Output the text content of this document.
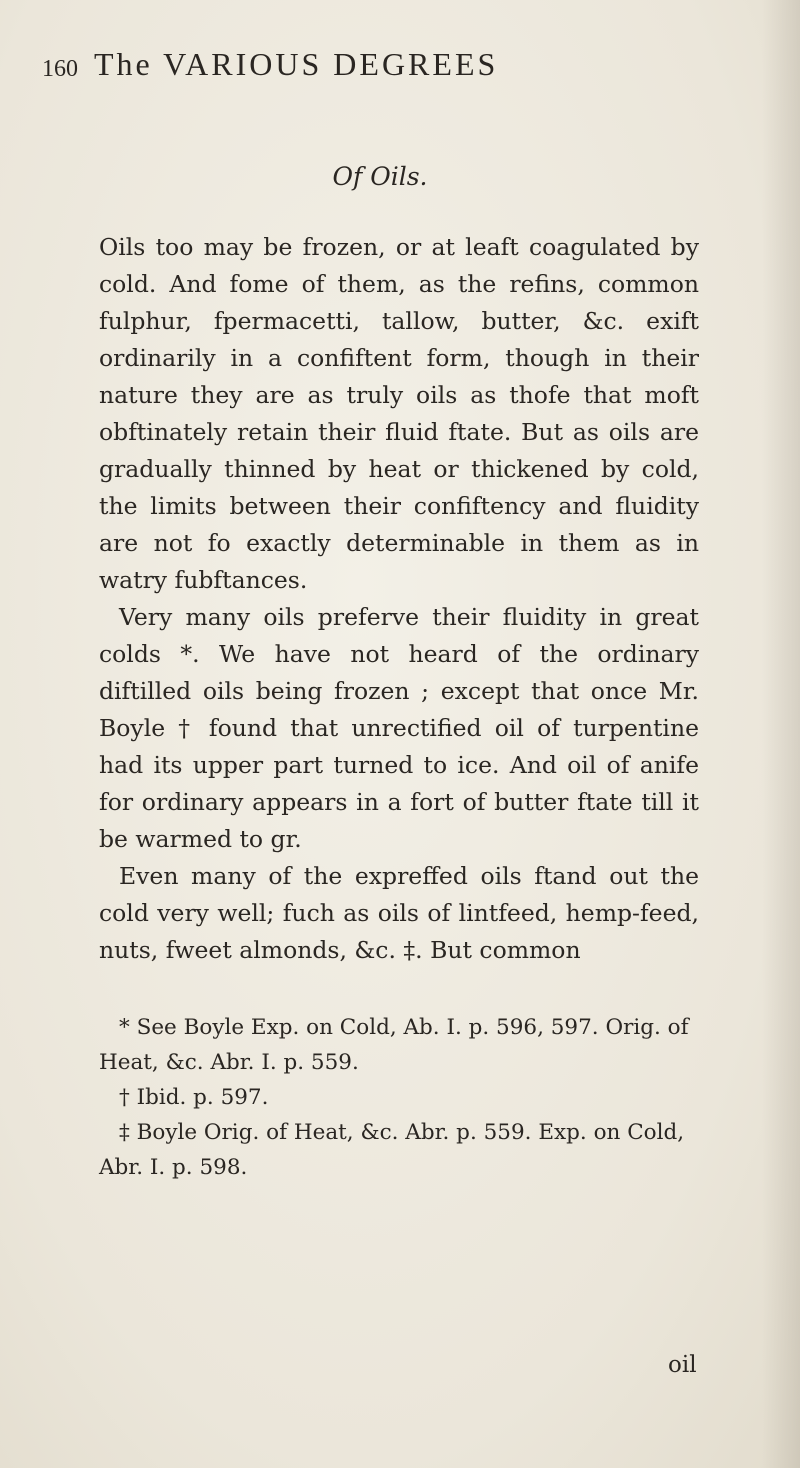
160 The VARIOUS DEGREES
Of Oils.

Oils too may be frozen, or at leaft coagulated by cold. And fome of them, as the refins, common fulphur, fpermacetti, tallow, butter, &c. exift ordinarily in a confiftent form, though in their nature they are as truly oils as thofe that moft obftinately retain their fluid ftate. But as oils are gradually thinned by heat or thickened by cold, the limits between their confiftency and fluidity are not fo exactly determinable in them as in watry fubftances.

Very many oils preferve their fluidity in great colds *. We have not heard of the ordinary diftilled oils being frozen ; except that once Mr. Boyle † found that unrectified oil of turpentine had its upper part turned to ice. And oil of anife for ordinary appears in a fort of butter ftate till it be warmed to gr.

Even many of the expreffed oils ftand out the cold very well; fuch as oils of lintfeed, hemp-feed, nuts, fweet almonds, &c. ‡. But common

* See Boyle Exp. on Cold, Ab. I. p. 596, 597. Orig. of Heat, &c. Abr. I. p. 559.

† Ibid. p. 597.

‡ Boyle Orig. of Heat, &c. Abr. p. 559. Exp. on Cold, Abr. I. p. 598.

oil
